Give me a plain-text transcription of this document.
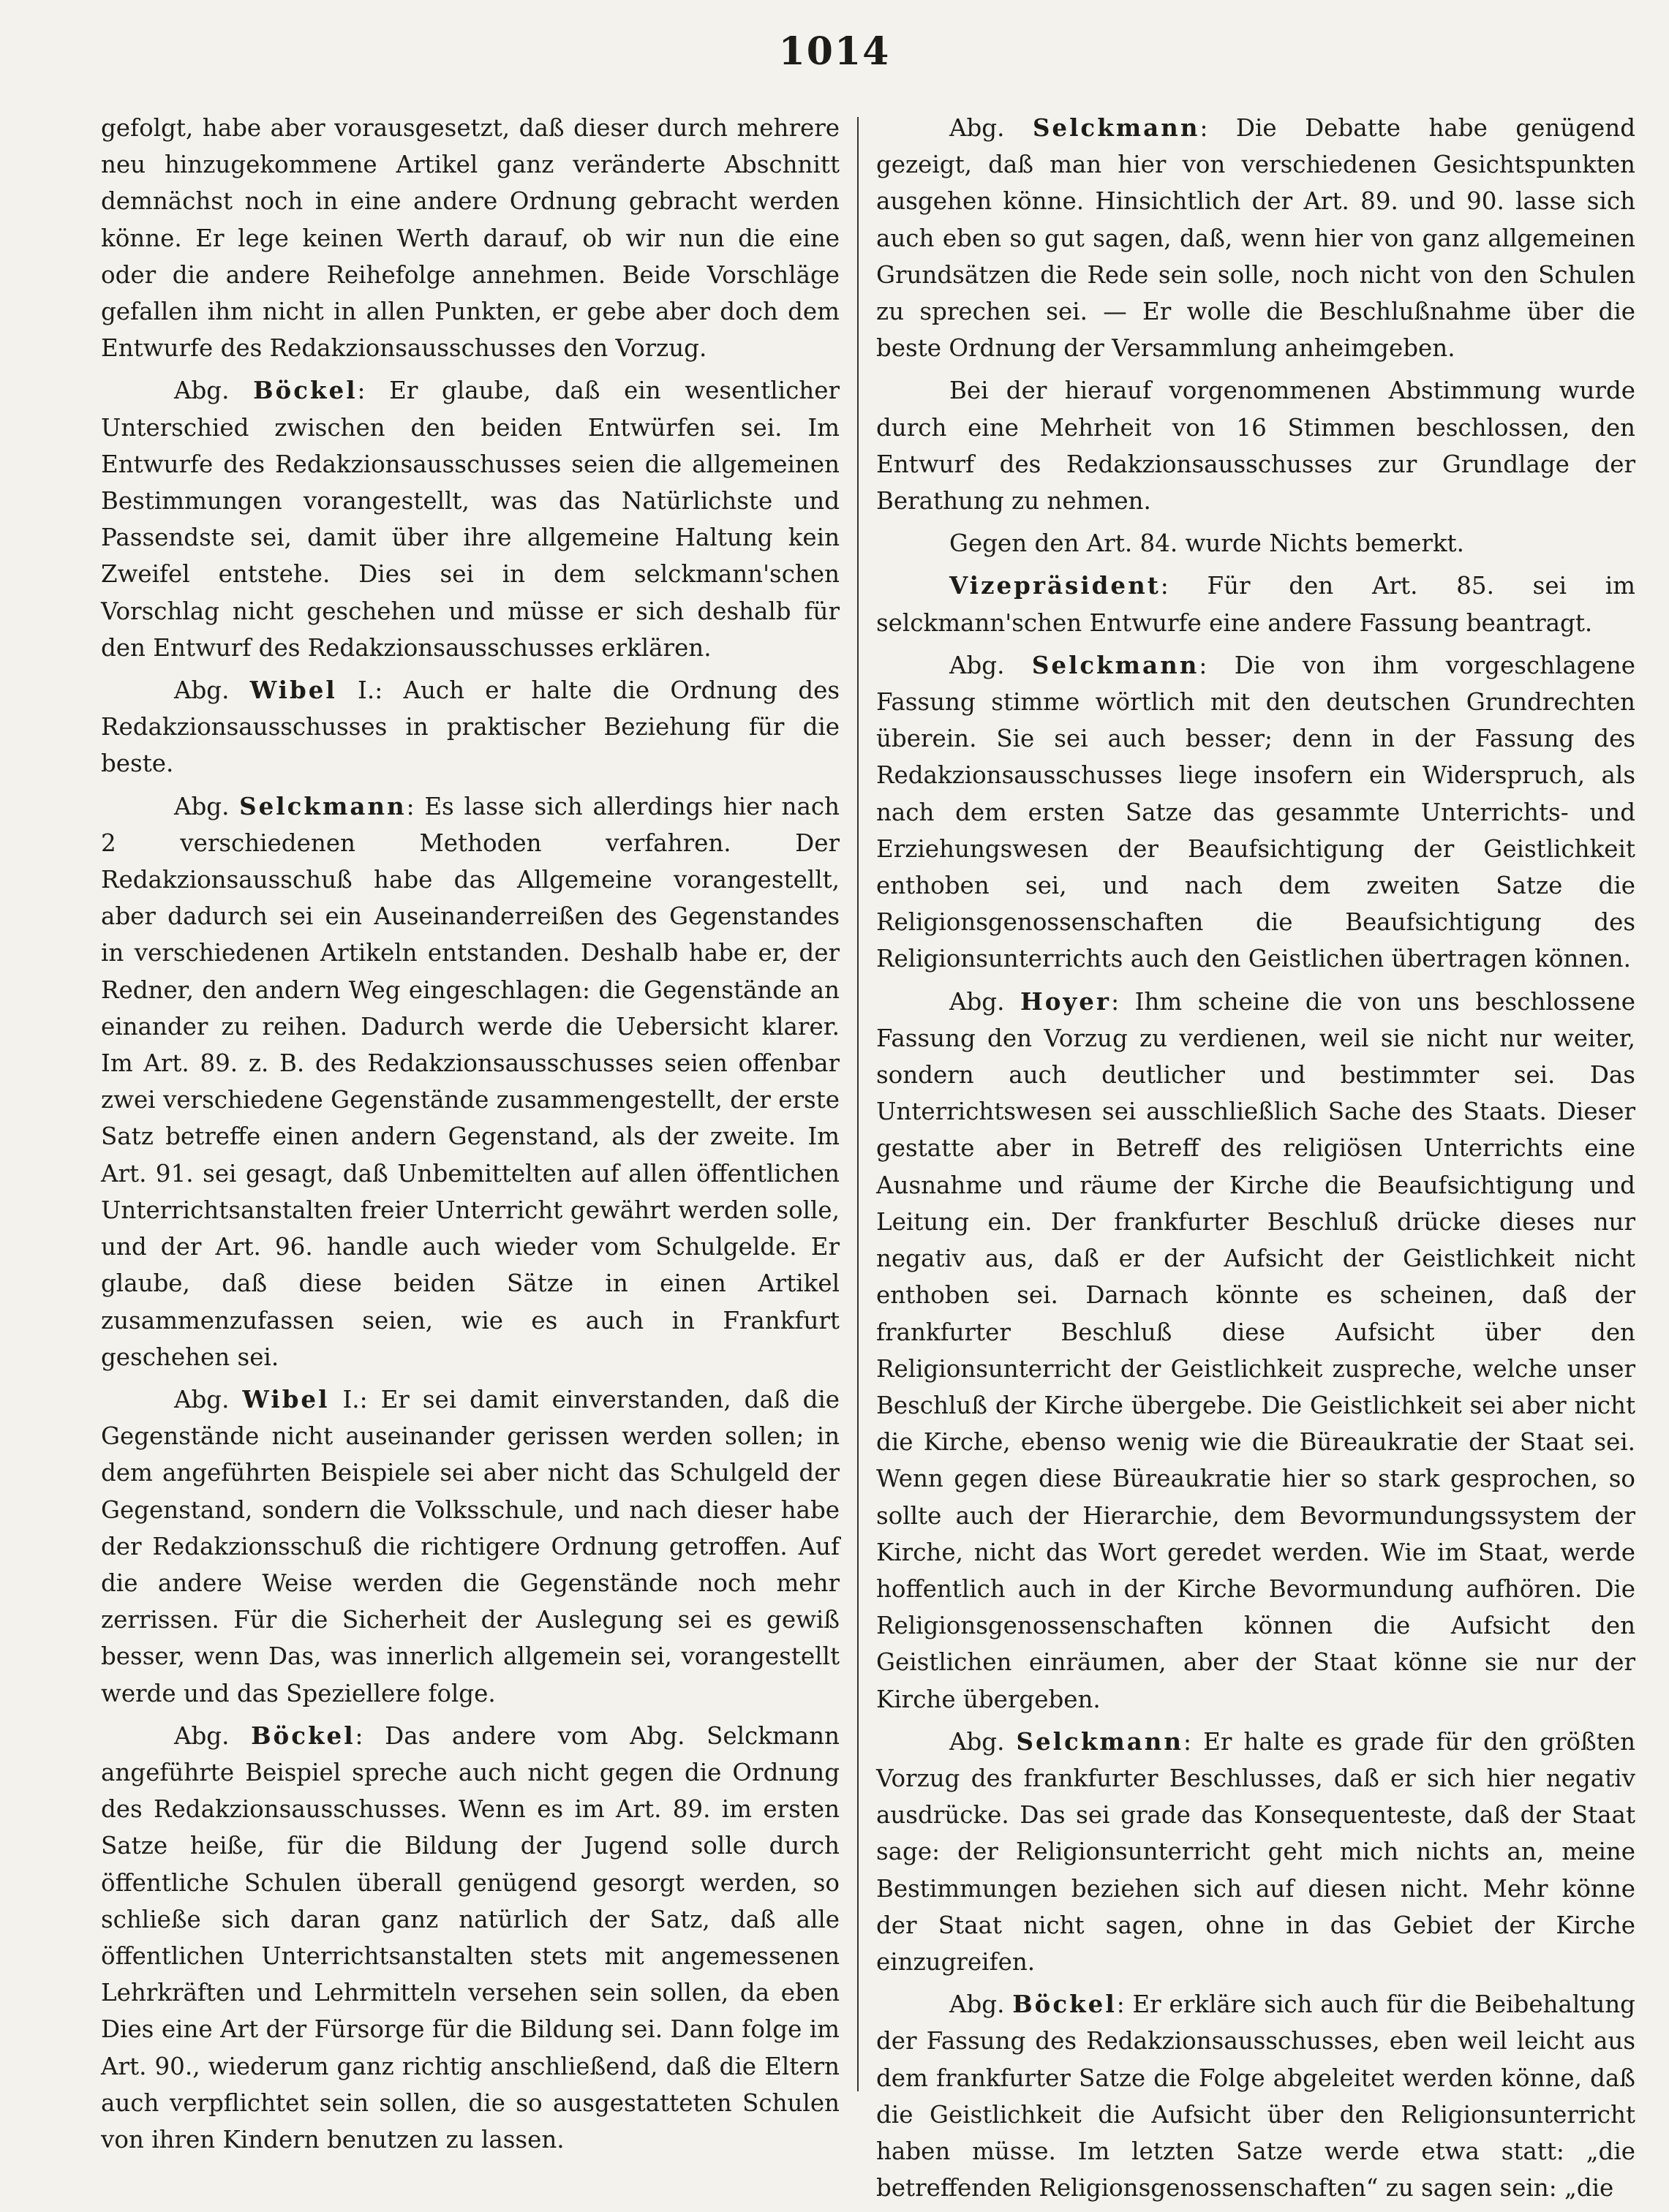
1014

gefolgt, habe aber vorausgesetzt, daß dieser durch mehrere neu hinzugekommene Artikel ganz veränderte Abschnitt demnächst noch in eine andere Ordnung gebracht werden könne. Er lege keinen Werth darauf, ob wir nun die eine oder die andere Reihefolge annehmen. Beide Vorschläge gefallen ihm nicht in allen Punkten, er gebe aber doch dem Entwurfe des Redakzionsausschusses den Vorzug.

Abg. Böckel: Er glaube, daß ein wesentlicher Unterschied zwischen den beiden Entwürfen sei. Im Entwurfe des Redakzionsausschusses seien die allgemeinen Bestimmungen vorangestellt, was das Natürlichste und Passendste sei, damit über ihre allgemeine Haltung kein Zweifel entstehe. Dies sei in dem selckmann'schen Vorschlag nicht geschehen und müsse er sich deshalb für den Entwurf des Redakzionsausschusses erklären.

Abg. Wibel I.: Auch er halte die Ordnung des Redakzionsausschusses in praktischer Beziehung für die beste.

Abg. Selckmann: Es lasse sich allerdings hier nach 2 verschiedenen Methoden verfahren. Der Redakzionsausschuß habe das Allgemeine vorangestellt, aber dadurch sei ein Auseinanderreißen des Gegenstandes in verschiedenen Artikeln entstanden. Deshalb habe er, der Redner, den andern Weg eingeschlagen: die Gegenstände an einander zu reihen. Dadurch werde die Uebersicht klarer. Im Art. 89. z. B. des Redakzionsausschusses seien offenbar zwei verschiedene Gegenstände zusammengestellt, der erste Satz betreffe einen andern Gegenstand, als der zweite. Im Art. 91. sei gesagt, daß Unbemittelten auf allen öffentlichen Unterrichtsanstalten freier Unterricht gewährt werden solle, und der Art. 96. handle auch wieder vom Schulgelde. Er glaube, daß diese beiden Sätze in einen Artikel zusammenzufassen seien, wie es auch in Frankfurt geschehen sei.

Abg. Wibel I.: Er sei damit einverstanden, daß die Gegenstände nicht auseinander gerissen werden sollen; in dem angeführten Beispiele sei aber nicht das Schulgeld der Gegenstand, sondern die Volksschule, und nach dieser habe der Redakzionsschuß die richtigere Ordnung getroffen. Auf die andere Weise werden die Gegenstände noch mehr zerrissen. Für die Sicherheit der Auslegung sei es gewiß besser, wenn Das, was innerlich allgemein sei, vorangestellt werde und das Speziellere folge.

Abg. Böckel: Das andere vom Abg. Selckmann angeführte Beispiel spreche auch nicht gegen die Ordnung des Redakzionsausschusses. Wenn es im Art. 89. im ersten Satze heiße, für die Bildung der Jugend solle durch öffentliche Schulen überall genügend gesorgt werden, so schließe sich daran ganz natürlich der Satz, daß alle öffentlichen Unterrichtsanstalten stets mit angemessenen Lehrkräften und Lehrmitteln versehen sein sollen, da eben Dies eine Art der Fürsorge für die Bildung sei. Dann folge im Art. 90., wiederum ganz richtig anschließend, daß die Eltern auch verpflichtet sein sollen, die so ausgestatteten Schulen von ihren Kindern benutzen zu lassen.

Abg. Selckmann: Die Debatte habe genügend gezeigt, daß man hier von verschiedenen Gesichtspunkten ausgehen könne. Hinsichtlich der Art. 89. und 90. lasse sich auch eben so gut sagen, daß, wenn hier von ganz allgemeinen Grundsätzen die Rede sein solle, noch nicht von den Schulen zu sprechen sei. — Er wolle die Beschlußnahme über die beste Ordnung der Versammlung anheimgeben.

Bei der hierauf vorgenommenen Abstimmung wurde durch eine Mehrheit von 16 Stimmen beschlossen, den Entwurf des Redakzionsausschusses zur Grundlage der Berathung zu nehmen.

Gegen den Art. 84. wurde Nichts bemerkt.

Vizepräsident: Für den Art. 85. sei im selckmann'schen Entwurfe eine andere Fassung beantragt.

Abg. Selckmann: Die von ihm vorgeschlagene Fassung stimme wörtlich mit den deutschen Grundrechten überein. Sie sei auch besser; denn in der Fassung des Redakzionsausschusses liege insofern ein Widerspruch, als nach dem ersten Satze das gesammte Unterrichts- und Erziehungswesen der Beaufsichtigung der Geistlichkeit enthoben sei, und nach dem zweiten Satze die Religionsgenossenschaften die Beaufsichtigung des Religionsunterrichts auch den Geistlichen übertragen können.

Abg. Hoyer: Ihm scheine die von uns beschlossene Fassung den Vorzug zu verdienen, weil sie nicht nur weiter, sondern auch deutlicher und bestimmter sei. Das Unterrichtswesen sei ausschließlich Sache des Staats. Dieser gestatte aber in Betreff des religiösen Unterrichts eine Ausnahme und räume der Kirche die Beaufsichtigung und Leitung ein. Der frankfurter Beschluß drücke dieses nur negativ aus, daß er der Aufsicht der Geistlichkeit nicht enthoben sei. Darnach könnte es scheinen, daß der frankfurter Beschluß diese Aufsicht über den Religionsunterricht der Geistlichkeit zuspreche, welche unser Beschluß der Kirche übergebe. Die Geistlichkeit sei aber nicht die Kirche, ebenso wenig wie die Büreaukratie der Staat sei. Wenn gegen diese Büreaukratie hier so stark gesprochen, so sollte auch der Hierarchie, dem Bevormundungssystem der Kirche, nicht das Wort geredet werden. Wie im Staat, werde hoffentlich auch in der Kirche Bevormundung aufhören. Die Religionsgenossenschaften können die Aufsicht den Geistlichen einräumen, aber der Staat könne sie nur der Kirche übergeben.

Abg. Selckmann: Er halte es grade für den größten Vorzug des frankfurter Beschlusses, daß er sich hier negativ ausdrücke. Das sei grade das Konsequenteste, daß der Staat sage: der Religionsunterricht geht mich nichts an, meine Bestimmungen beziehen sich auf diesen nicht. Mehr könne der Staat nicht sagen, ohne in das Gebiet der Kirche einzugreifen.

Abg. Böckel: Er erkläre sich auch für die Beibehaltung der Fassung des Redakzionsausschusses, eben weil leicht aus dem frankfurter Satze die Folge abgeleitet werden könne, daß die Geistlichkeit die Aufsicht über den Religionsunterricht haben müsse. Im letzten Satze werde etwa statt: „die betreffenden Religionsgenossenschaften“ zu sagen sein: „die
